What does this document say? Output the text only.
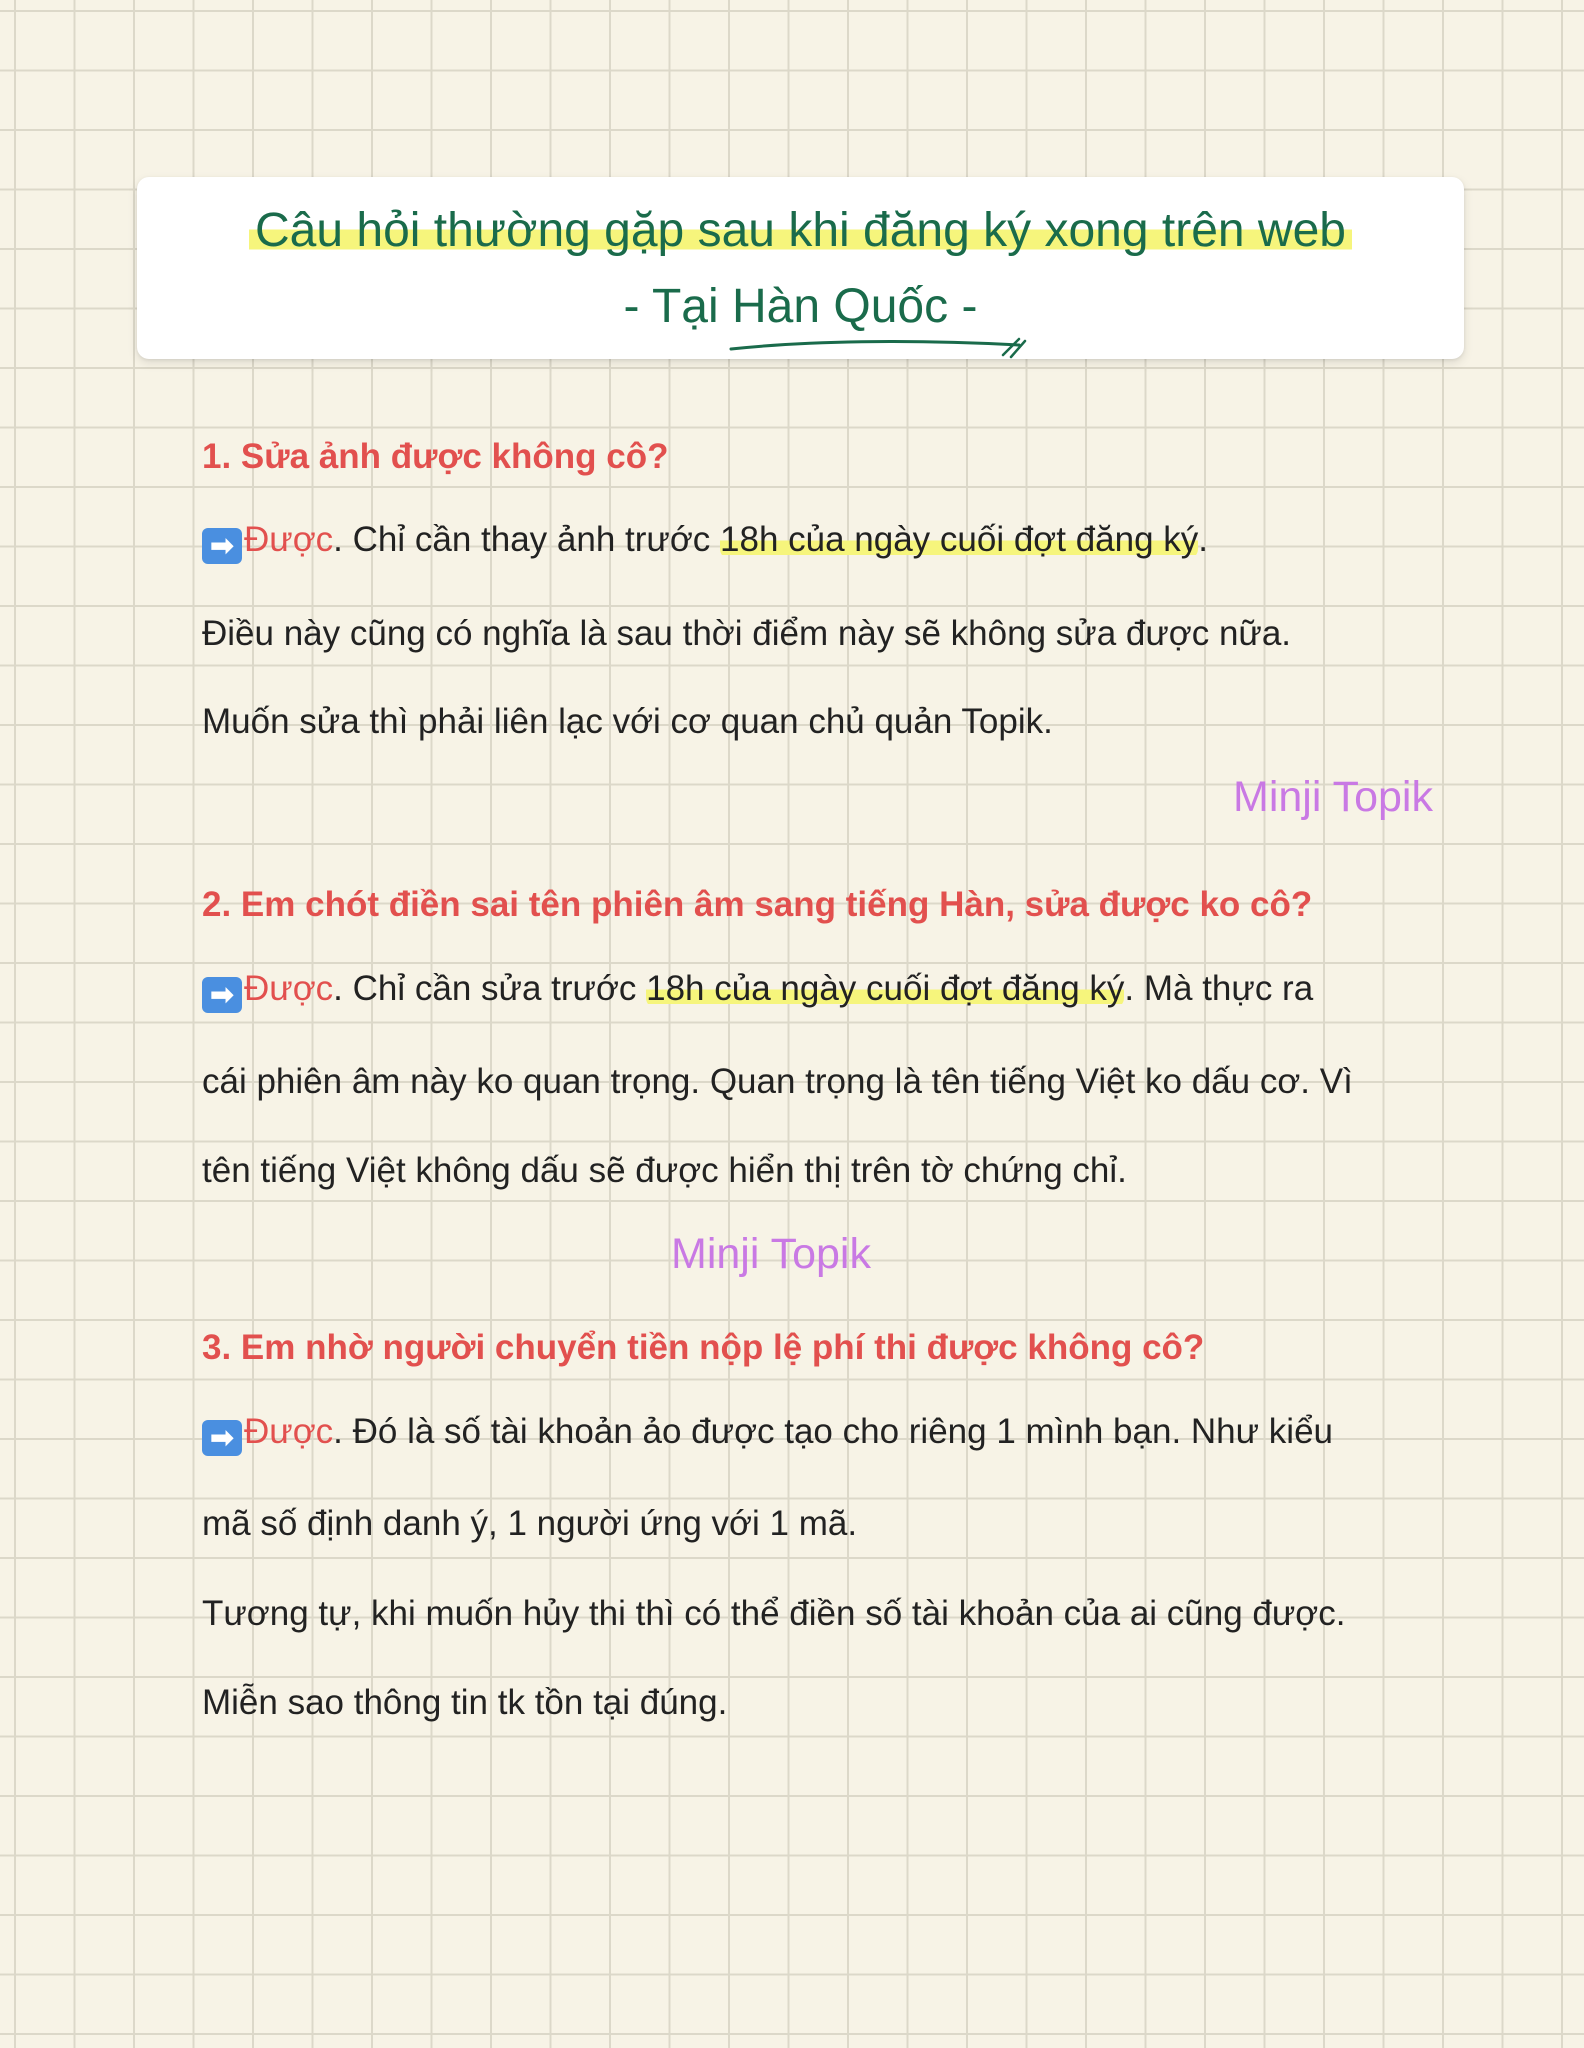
Câu hỏi thường gặp sau khi đăng ký xong trên web
- Tại Hàn Quốc -
1. Sửa ảnh được không cô?
➡ Được. Chỉ cần thay ảnh trước 18h của ngày cuối đợt đăng ký.
Điều này cũng có nghĩa là sau thời điểm này sẽ không sửa được nữa.
Muốn sửa thì phải liên lạc với cơ quan chủ quản Topik.
Minji Topik
2. Em chót điền sai tên phiên âm sang tiếng Hàn, sửa được ko cô?
➡ Được. Chỉ cần sửa trước 18h của ngày cuối đợt đăng ký. Mà thực ra
cái phiên âm này ko quan trọng. Quan trọng là tên tiếng Việt ko dấu cơ. Vì
tên tiếng Việt không dấu sẽ được hiển thị trên tờ chứng chỉ.
Minji Topik
3. Em nhờ người chuyển tiền nộp lệ phí thi được không cô?
➡ Được. Đó là số tài khoản ảo được tạo cho riêng 1 mình bạn. Như kiểu
mã số định danh ý, 1 người ứng với 1 mã.
Tương tự, khi muốn hủy thi thì có thể điền số tài khoản của ai cũng được.
Miễn sao thông tin tk tồn tại đúng.
